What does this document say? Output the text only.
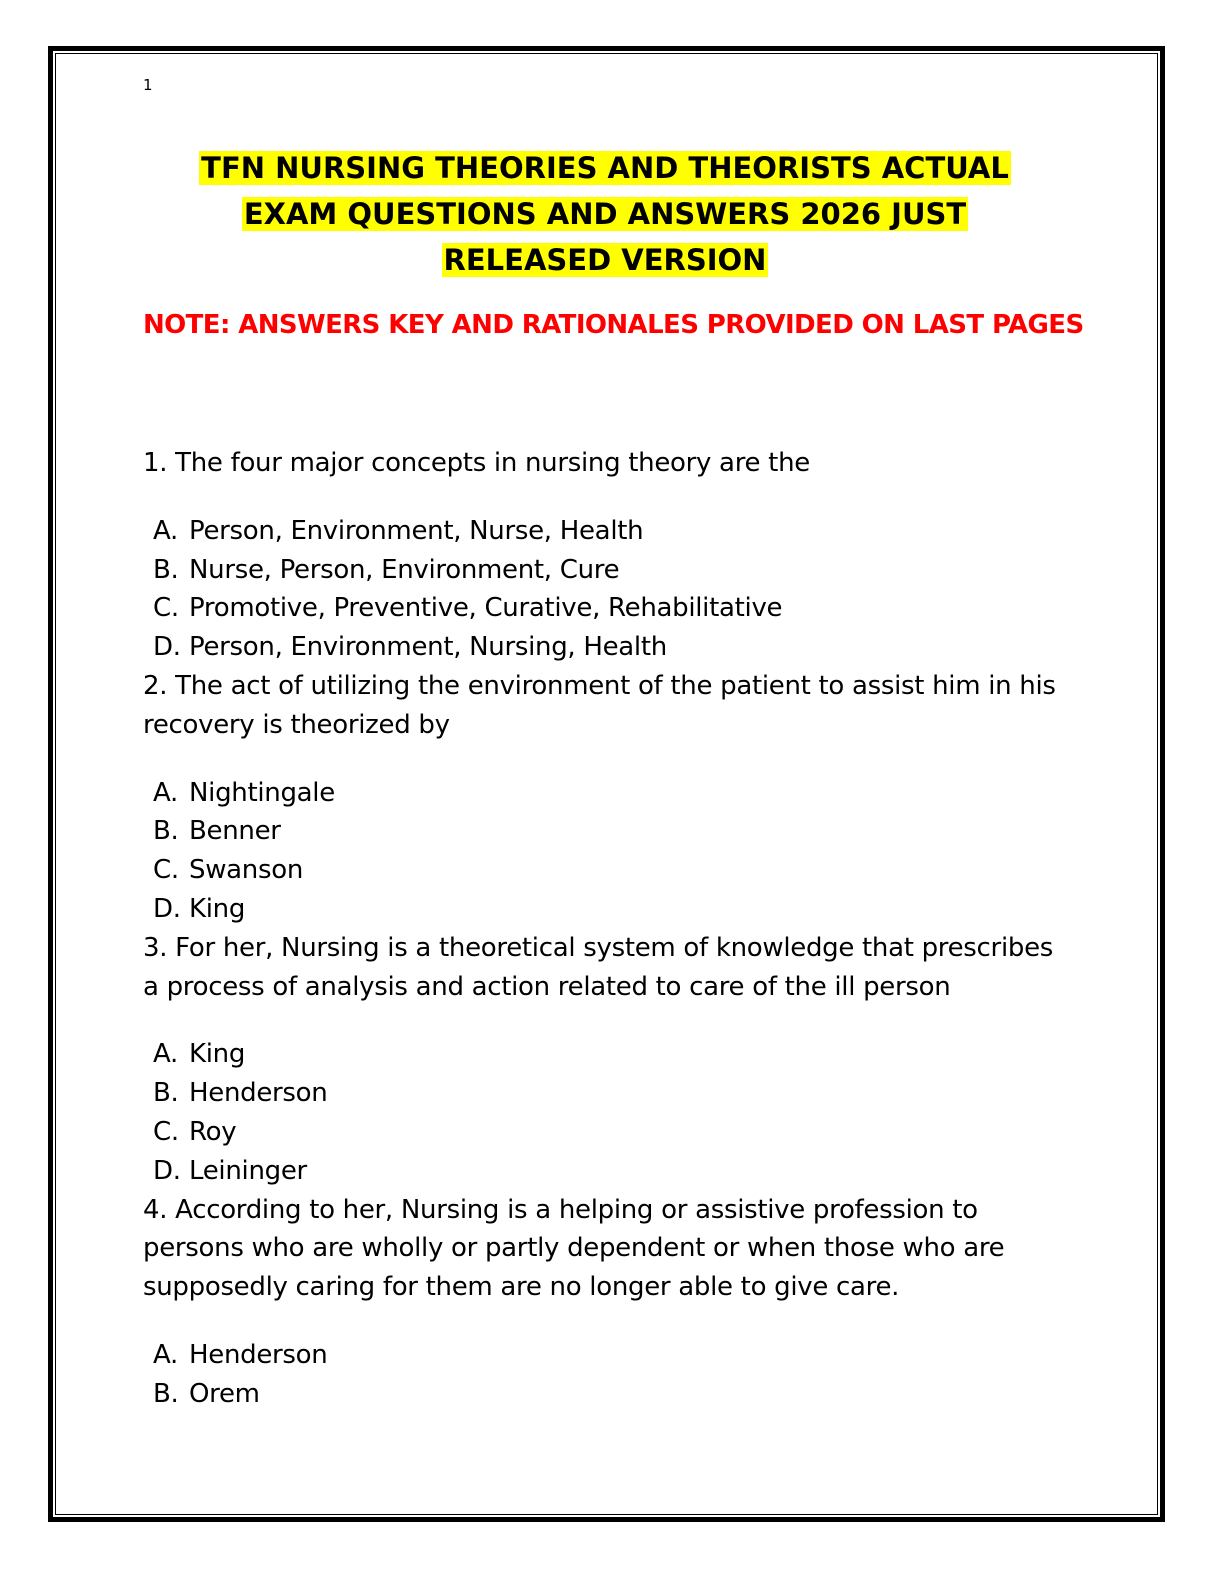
1
TFN NURSING THEORIES AND THEORISTS ACTUAL
EXAM QUESTIONS AND ANSWERS 2026 JUST
RELEASED VERSION
NOTE: ANSWERS KEY AND RATIONALES PROVIDED ON LAST PAGES
1. The four major concepts in nursing theory are the
A. Person, Environment, Nurse, Health
B. Nurse, Person, Environment, Cure
C. Promotive, Preventive, Curative, Rehabilitative
D. Person, Environment, Nursing, Health
2. The act of utilizing the environment of the patient to assist him in his
recovery is theorized by
A. Nightingale
B. Benner
C. Swanson
D. King
3. For her, Nursing is a theoretical system of knowledge that prescribes
a process of analysis and action related to care of the ill person
A. King
B. Henderson
C. Roy
D. Leininger
4. According to her, Nursing is a helping or assistive profession to
persons who are wholly or partly dependent or when those who are
supposedly caring for them are no longer able to give care.
A. Henderson
B. Orem
